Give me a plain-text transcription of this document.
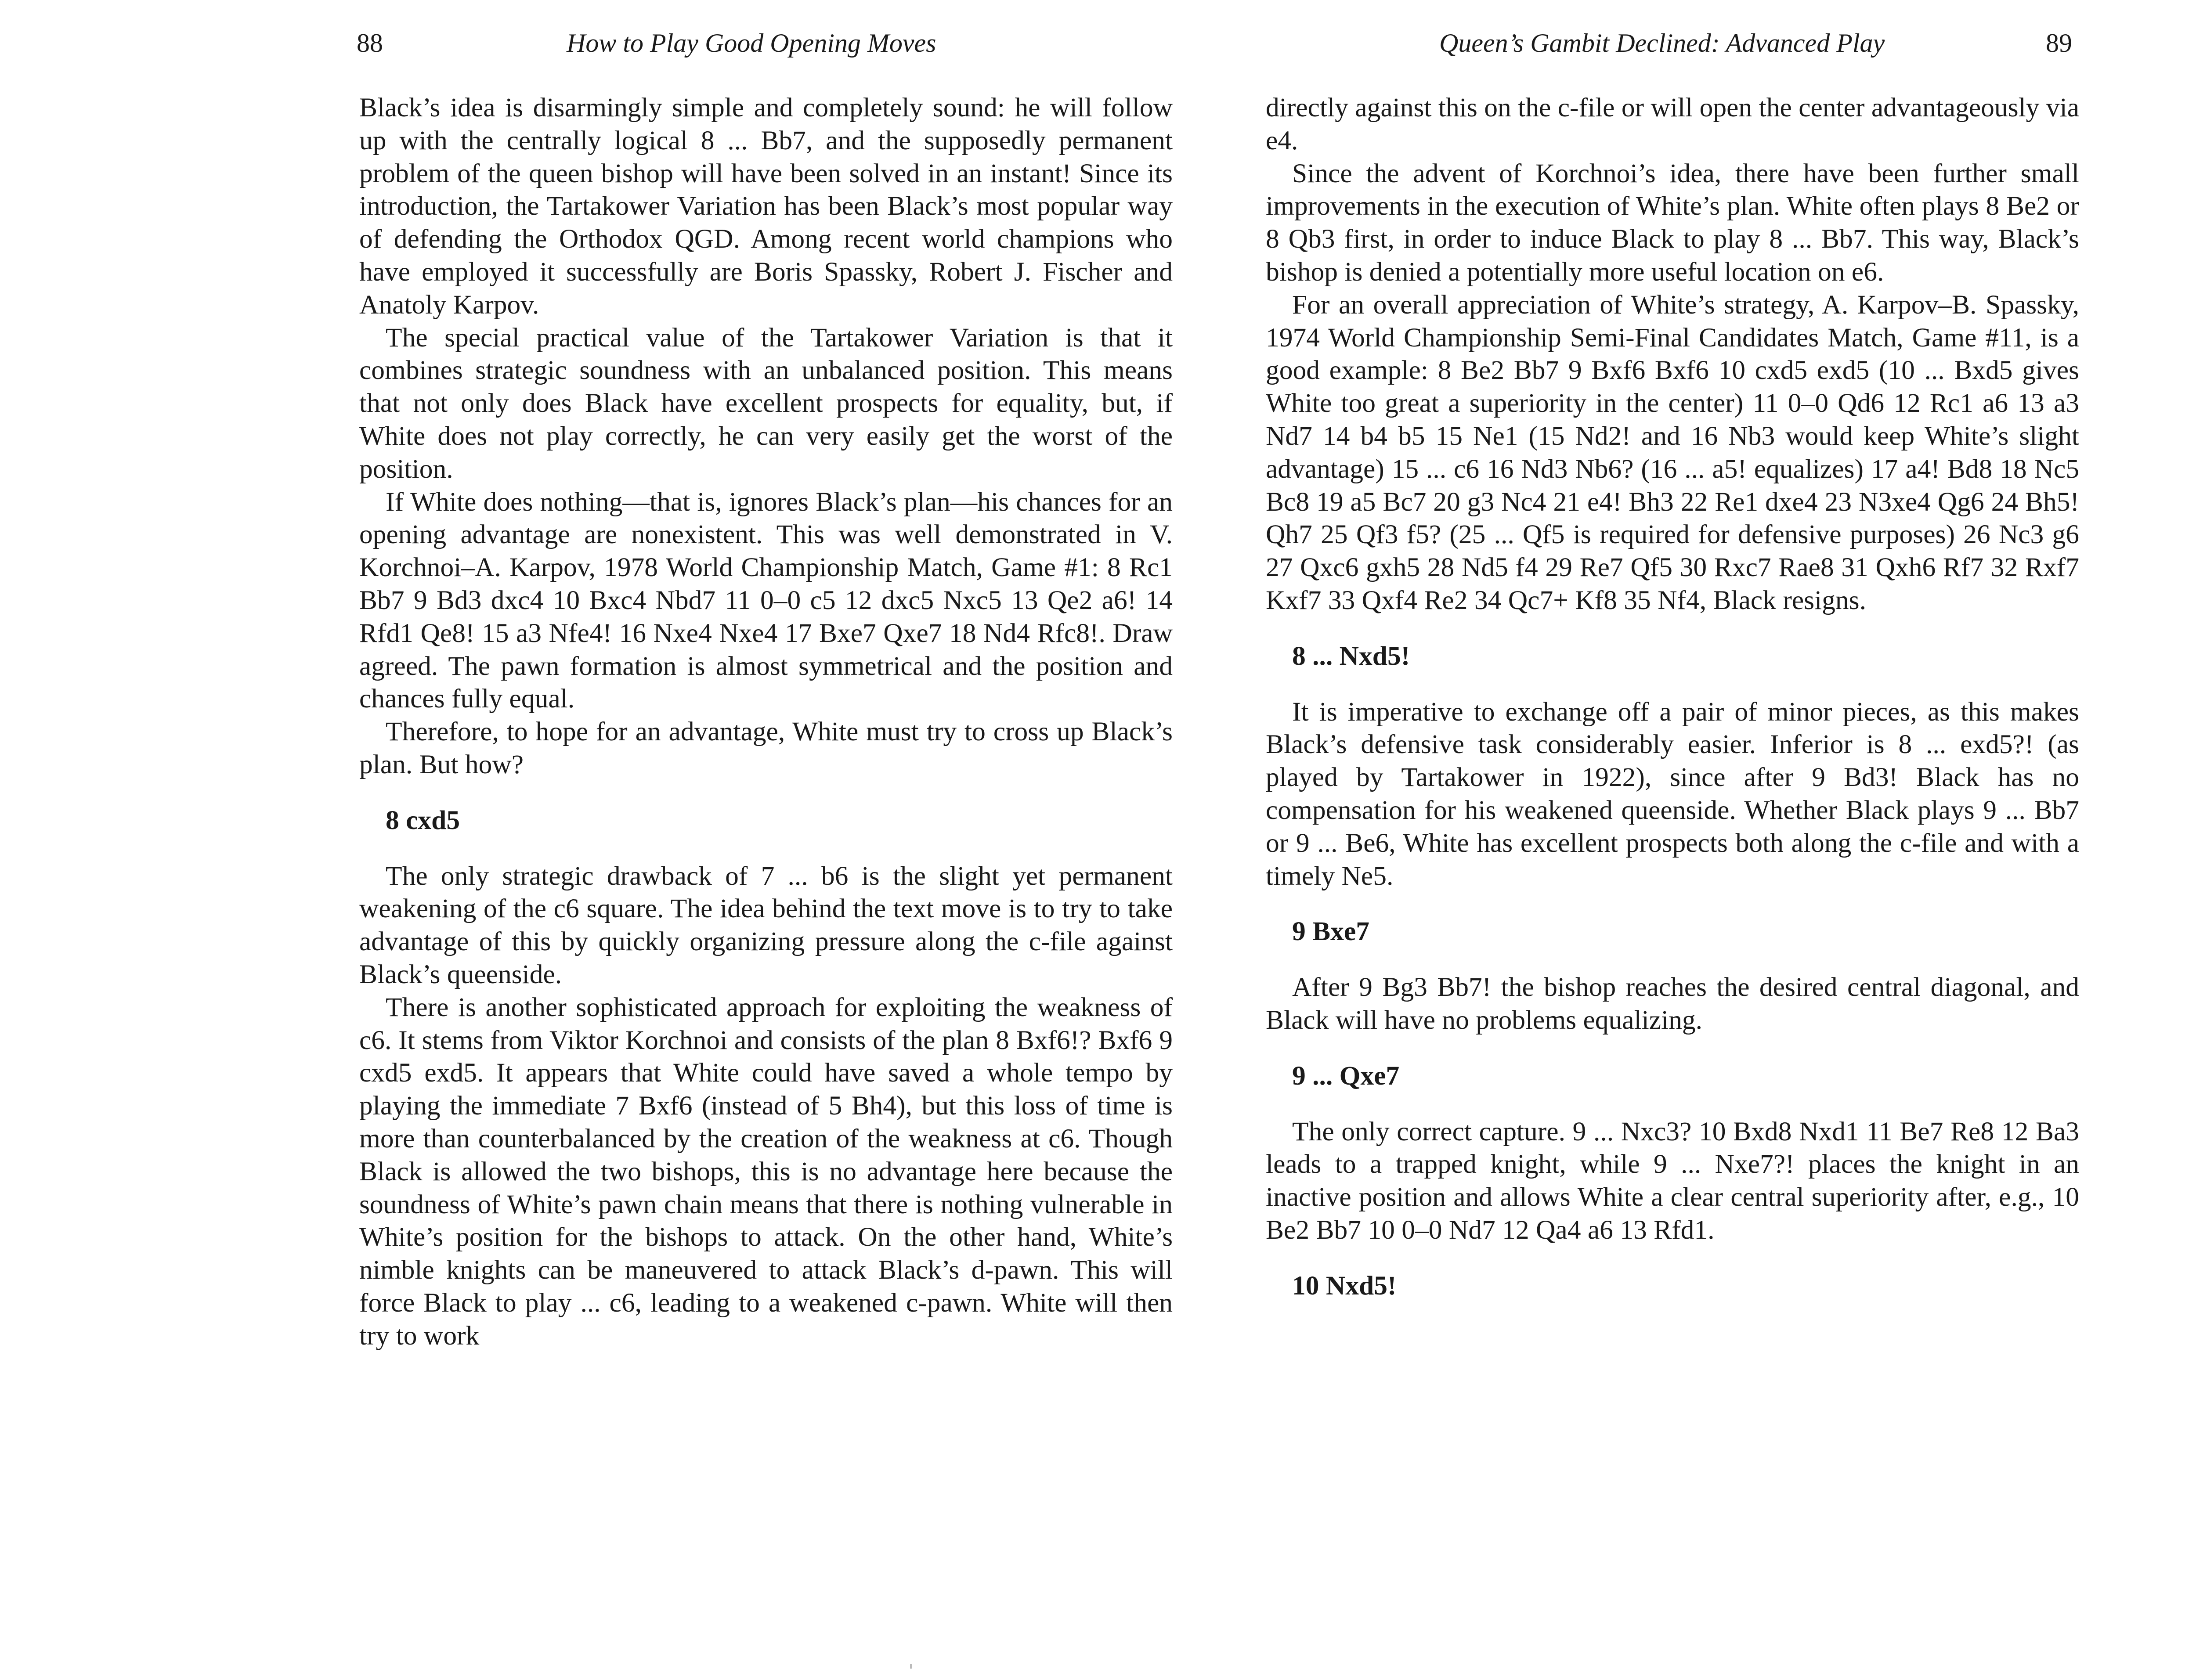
88	How to Play Good Opening Moves

Black’s idea is disarmingly simple and completely sound: he will follow up with the centrally logical 8 ... Bb7, and the supposedly permanent problem of the queen bishop will have been solved in an instant! Since its introduction, the Tartakower Variation has been Black’s most popular way of defending the Orthodox QGD. Among recent world champions who have employed it successfully are Boris Spassky, Robert J. Fischer and Anatoly Karpov.

The special practical value of the Tartakower Variation is that it combines strategic soundness with an unbalanced position. This means that not only does Black have excellent prospects for equality, but, if White does not play correctly, he can very easily get the worst of the position.

If White does nothing—that is, ignores Black’s plan—his chances for an opening advantage are nonexistent. This was well demonstrated in V. Korchnoi–A. Karpov, 1978 World Championship Match, Game #1: 8 Rc1 Bb7 9 Bd3 dxc4 10 Bxc4 Nbd7 11 0–0 c5 12 dxc5 Nxc5 13 Qe2 a6! 14 Rfd1 Qe8! 15 a3 Nfe4! 16 Nxe4 Nxe4 17 Bxe7 Qxe7 18 Nd4 Rfc8!. Draw agreed. The pawn formation is almost symmetrical and the position and chances fully equal.

Therefore, to hope for an advantage, White must try to cross up Black’s plan. But how?

8 cxd5

The only strategic drawback of 7 ... b6 is the slight yet permanent weakening of the c6 square. The idea behind the text move is to try to take advantage of this by quickly organizing pressure along the c-file against Black’s queenside.

There is another sophisticated approach for exploiting the weakness of c6. It stems from Viktor Korchnoi and consists of the plan 8 Bxf6!? Bxf6 9 cxd5 exd5. It appears that White could have saved a whole tempo by playing the immediate 7 Bxf6 (instead of 5 Bh4), but this loss of time is more than counterbalanced by the creation of the weakness at c6. Though Black is allowed the two bishops, this is no advantage here because the soundness of White’s pawn chain means that there is nothing vulnerable in White’s position for the bishops to attack. On the other hand, White’s nimble knights can be maneuvered to attack Black’s d-pawn. This will force Black to play ... c6, leading to a weakened c-pawn. White will then try to work

Queen’s Gambit Declined: Advanced Play	89

directly against this on the c-file or will open the center advantageously via e4.

Since the advent of Korchnoi’s idea, there have been further small improvements in the execution of White’s plan. White often plays 8 Be2 or 8 Qb3 first, in order to induce Black to play 8 ... Bb7. This way, Black’s bishop is denied a potentially more useful location on e6.

For an overall appreciation of White’s strategy, A. Karpov–B. Spassky, 1974 World Championship Semi-Final Candidates Match, Game #11, is a good example: 8 Be2 Bb7 9 Bxf6 Bxf6 10 cxd5 exd5 (10 ... Bxd5 gives White too great a superiority in the center) 11 0–0 Qd6 12 Rc1 a6 13 a3 Nd7 14 b4 b5 15 Ne1 (15 Nd2! and 16 Nb3 would keep White’s slight advantage) 15 ... c6 16 Nd3 Nb6? (16 ... a5! equalizes) 17 a4! Bd8 18 Nc5 Bc8 19 a5 Bc7 20 g3 Nc4 21 e4! Bh3 22 Re1 dxe4 23 N3xe4 Qg6 24 Bh5! Qh7 25 Qf3 f5? (25 ... Qf5 is required for defensive purposes) 26 Nc3 g6 27 Qxc6 gxh5 28 Nd5 f4 29 Re7 Qf5 30 Rxc7 Rae8 31 Qxh6 Rf7 32 Rxf7 Kxf7 33 Qxf4 Re2 34 Qc7+ Kf8 35 Nf4, Black resigns.

8 ... Nxd5!

It is imperative to exchange off a pair of minor pieces, as this makes Black’s defensive task considerably easier. Inferior is 8 ... exd5?! (as played by Tartakower in 1922), since after 9 Bd3! Black has no compensation for his weakened queenside. Whether Black plays 9 ... Bb7 or 9 ... Be6, White has excellent prospects both along the c-file and with a timely Ne5.

9 Bxe7

After 9 Bg3 Bb7! the bishop reaches the desired central diagonal, and Black will have no problems equalizing.

9 ... Qxe7

The only correct capture. 9 ... Nxc3? 10 Bxd8 Nxd1 11 Be7 Re8 12 Ba3 leads to a trapped knight, while 9 ... Nxe7?! places the knight in an inactive position and allows White a clear central superiority after, e.g., 10 Be2 Bb7 10 0–0 Nd7 12 Qa4 a6 13 Rfd1.

10 Nxd5!
